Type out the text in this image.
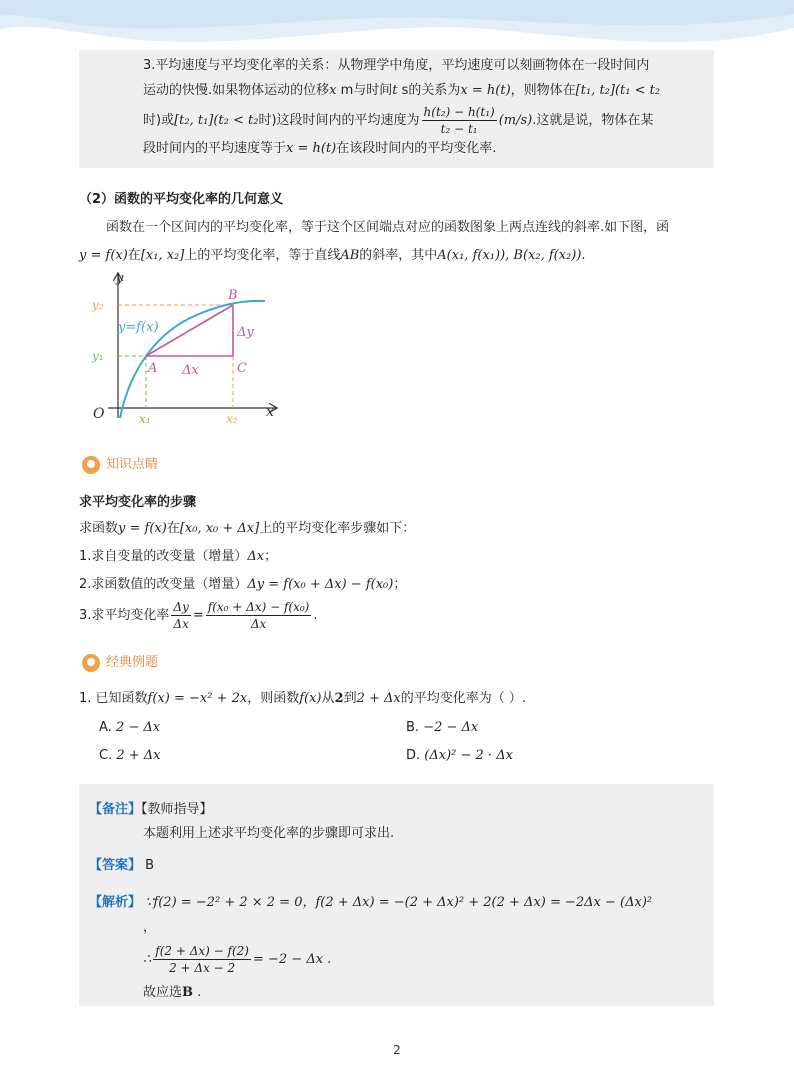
3.平均速度与平均变化率的关系：从物理学中角度，平均速度可以刻画物体在一段时间内
运动的快慢.如果物体运动的位移x m与时间t s的关系为x = h(t)，则物体在[t₁, t₂](t₁ < t₂
时)或[t₂, t₁](t₂ < t₂时)这段时间内的平均速度为 $\frac{\text{h(t₂) − h(t₁)}}{\text{t₂ − t₁}} (m/s)$.这就是说，物体在某
段时间内的平均速度等于x = h(t)在该段时间内的平均变化率.
（2）函数的平均变化率的几何意义
函数在一个区间内的平均变化率，等于这个区间端点对应的函数图象上两点连线的斜率.如下图，函
y = f(x)在[x₁, x₂]上的平均变化率，等于直线AB的斜率，其中A(x₁, f(x₁)), B(x₂, f(x₂)).
y
x
O
y₂
y₁
x₁	x₂
y=f(x)
A
B
C
Δx
Δy
知识点睛
求平均变化率的步骤
求函数y = f(x)在[x₀, x₀ + Δx]上的平均变化率步骤如下：
1.求自变量的改变量（增量）Δx；
2.求函数值的改变量（增量）Δy = f(x₀ + Δx) − f(x₀)；
3.求平均变化率 $\frac{\Delta y}{\Delta x} = \frac{\text{f(x₀ + Δx) − f(x₀)}}{\Delta x}$ .
经典例题
1. 已知函数f(x) = −x² + 2x，则函数f(x)从2到2 + Δx的平均变化率为（ ）.
A. 2 − Δx	B. −2 − Δx
C. 2 + Δx	D. (Δx)² − 2 · Δx
【备注】【教师指导】
本题利用上述求平均变化率的步骤即可求出.
【答案】 B
【解析】 ∵f(2) = −2² + 2 × 2 = 0，f(2 + Δx) = −(2 + Δx)² + 2(2 + Δx) = −2Δx − (Δx)²
，
∴ $\frac{f(2 + \Delta x) - f(2)}{2 + \Delta x - 2} = -2 - \Delta x$ .
故应选B .
2
